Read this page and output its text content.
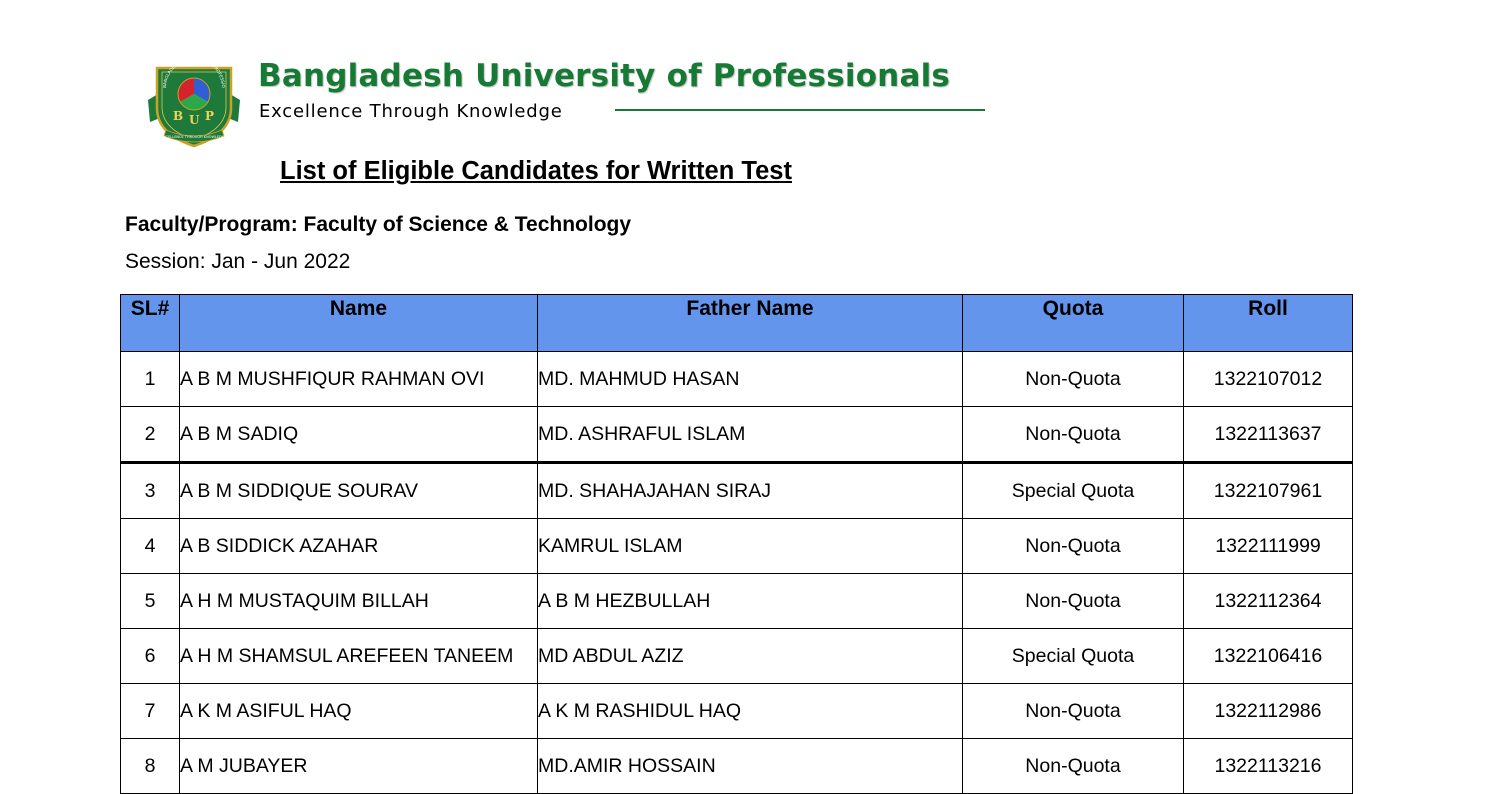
BANGLADESH UNIVERSITY OF PROFESSIO
B U P
EXCELLENCE THROUGH KNOWLEDGE
Bangladesh University of Professionals
Excellence Through Knowledge
List of Eligible Candidates for Written Test
Faculty/Program: Faculty of Science & Technology
Session: Jan - Jun 2022
SL#	Name	Father Name	Quota	Roll
1	A B M MUSHFIQUR RAHMAN OVI	MD. MAHMUD HASAN	Non-Quota	1322107012
2	A B M SADIQ	MD. ASHRAFUL ISLAM	Non-Quota	1322113637
3	A B M SIDDIQUE SOURAV	MD. SHAHAJAHAN SIRAJ	Special Quota	1322107961
4	A B SIDDICK AZAHAR	KAMRUL ISLAM	Non-Quota	1322111999
5	A H M MUSTAQUIM BILLAH	A B M HEZBULLAH	Non-Quota	1322112364
6	A H M SHAMSUL AREFEEN TANEEM	MD ABDUL AZIZ	Special Quota	1322106416
7	A K M ASIFUL HAQ	A K M RASHIDUL HAQ	Non-Quota	1322112986
8	A M JUBAYER	MD.AMIR HOSSAIN	Non-Quota	1322113216
